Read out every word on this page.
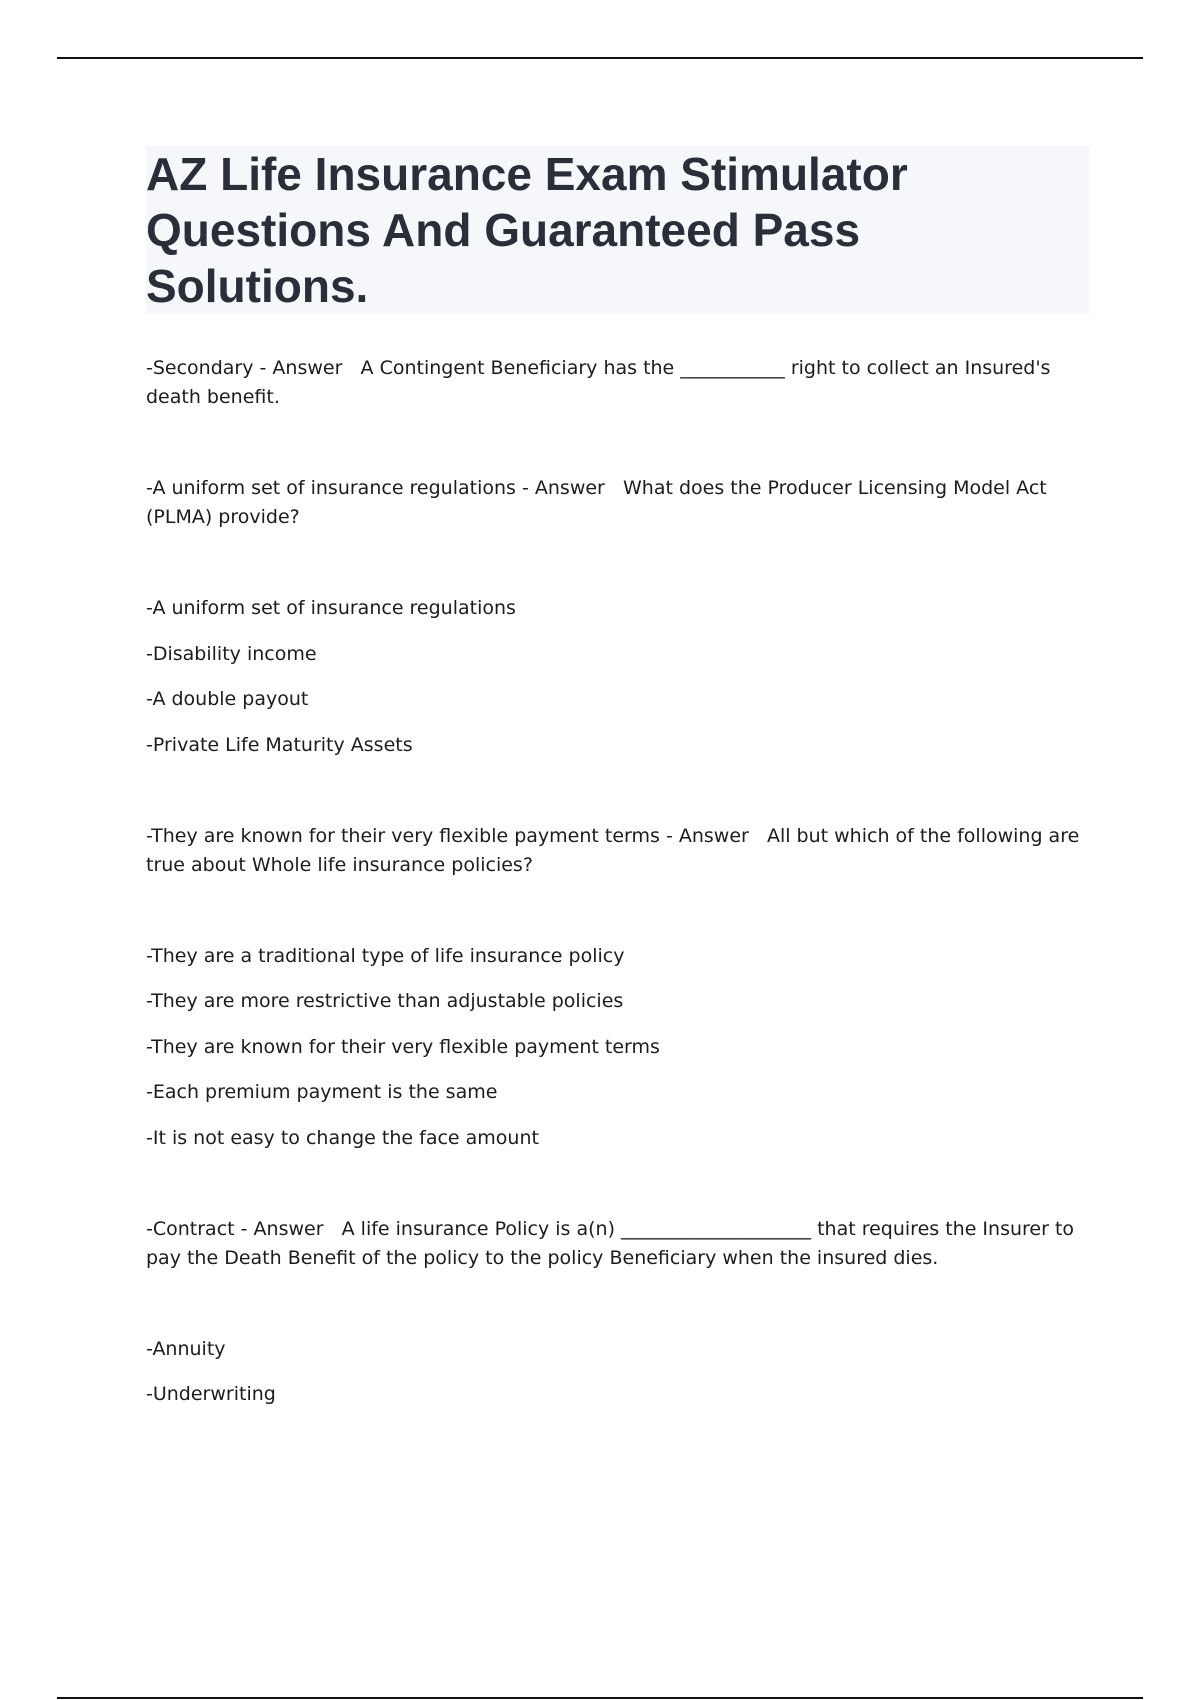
AZ Life Insurance Exam Stimulator Questions And Guaranteed Pass Solutions.

-Secondary - Answer A Contingent Beneficiary has the ___________ right to collect an Insured's death benefit.

-A uniform set of insurance regulations - Answer What does the Producer Licensing Model Act (PLMA) provide?

-A uniform set of insurance regulations
-Disability income
-A double payout
-Private Life Maturity Assets

-They are known for their very flexible payment terms - Answer All but which of the following are true about Whole life insurance policies?

-They are a traditional type of life insurance policy
-They are more restrictive than adjustable policies
-They are known for their very flexible payment terms
-Each premium payment is the same
-It is not easy to change the face amount

-Contract - Answer A life insurance Policy is a(n) ____________________ that requires the Insurer to pay the Death Benefit of the policy to the policy Beneficiary when the insured dies.

-Annuity
-Underwriting
